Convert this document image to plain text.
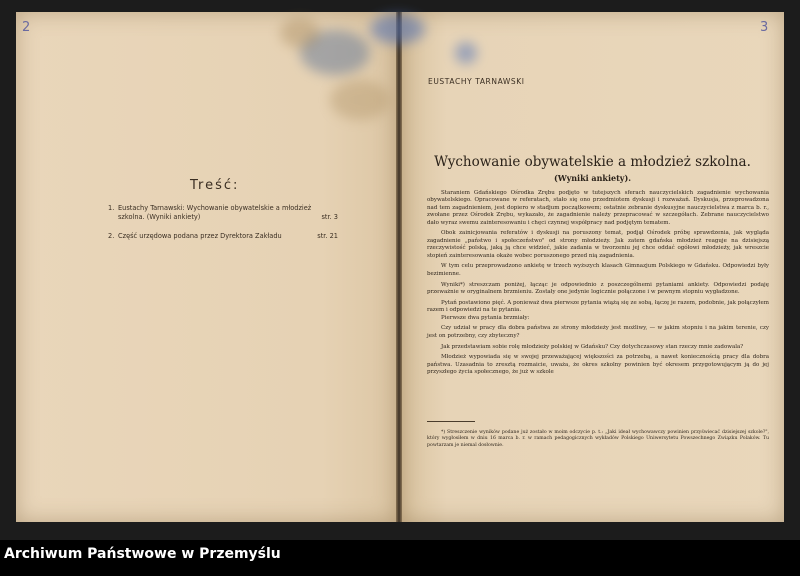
2	3
Treść:
1. Eustachy Tarnawski: Wychowanie obywatelskie a młodzież szkolna. (Wyniki ankiety)	str. 3
2. Część urzędowa podana przez Dyrektora Zakładu	str. 21
EUSTACHY TARNAWSKI
Wychowanie obywatelskie a młodzież szkolna.
(Wyniki ankiety).

Staraniem Gdańskiego Ośrodka Zrębu podjęto w tutejszych sferach nauczycielskich zagadnienie wychowania obywatelskiego. Opracowane w referatach, stało się ono przedmiotem dyskusji i rozważań. Dyskusja, przeprowadzona nad tem zagadnieniem, jest dopiero w stadjum początkowem; ostatnie zebranie dyskusyjne nauczycielstwa z marca b. r., zwołane przez Ośrodek Zrębu, wykazało, że zagadnienie należy przepracować w szczegółach. Zebrane nauczycielstwo dało wyraz swemu zainteresowaniu i chęci czynnej współpracy nad podjętym tematem.

Obok zainicjowania referatów i dyskusji na poruszony temat, podjął Ośrodek próbę sprawdzenia, jak wygląda zagadnienie „państwo i społeczeństwo" od strony młodzieży. Jak zatem gdańska młodzież reaguje na dzisiejszą rzeczywistość polską, jaką ją chce widzieć, jakie zadania w tworzeniu jej chce oddać ogółowi młodzieży, jak wreszcie stopień zainteresowania okaże wobec poruszonego przed nią zagadnienia.

W tym celu przeprowadzono ankietę w trzech wyższych klasach Gimnazjum Polskiego w Gdańsku. Odpowiedzi były bezimienne.

Wyniki*) streszczam poniżej, łącząc je odpowiednio z poszczególnemi pytaniami ankiety. Odpowiedzi podaję przeważnie w oryginalnem brzmieniu. Zostały one jedynie logicznie połączone i w pewnym stopniu wygładzone.

Pytań postawiono pięć. A ponieważ dwa pierwsze pytania wiążą się ze sobą, łączę je razem, podobnie, jak połączyłem razem i odpowiedzi na te pytania.

Pierwsze dwa pytania brzmiały:

Czy udział w pracy dla dobra państwa ze strony młodzieży jest możliwy, — w jakim stopniu i na jakim terenie, czy jest on potrzebny, czy zbyteczny?

Jak przedstawiam sobie rolę młodzieży polskiej w Gdańsku? Czy dotychczasowy stan rzeczy mnie zadowala?

Młodzież wypowiada się w swojej przeważającej większości za potrzebą, a nawet koniecznością pracy dla dobra państwa. Uzasadnia to zresztą rozmaicie, uważa, że okres szkolny powinien być okresem przygotowującym ją do jej przyszłego życia społecznego, że już w szkole

*) Streszczenie wyników podane już zostało w moim odczycie p. t.: „Jaki ideał wychowawczy powinien przyświecać dzisiejszej szkole?", który wygłosiłem w dniu 16 marca b. r. w ramach pedagogicznych wykładów Polskiego Uniwersytetu Powszechnego Związku Polaków. Tu powtarzam je niemal dosłownie.

Archiwum Państwowe w Przemyślu
